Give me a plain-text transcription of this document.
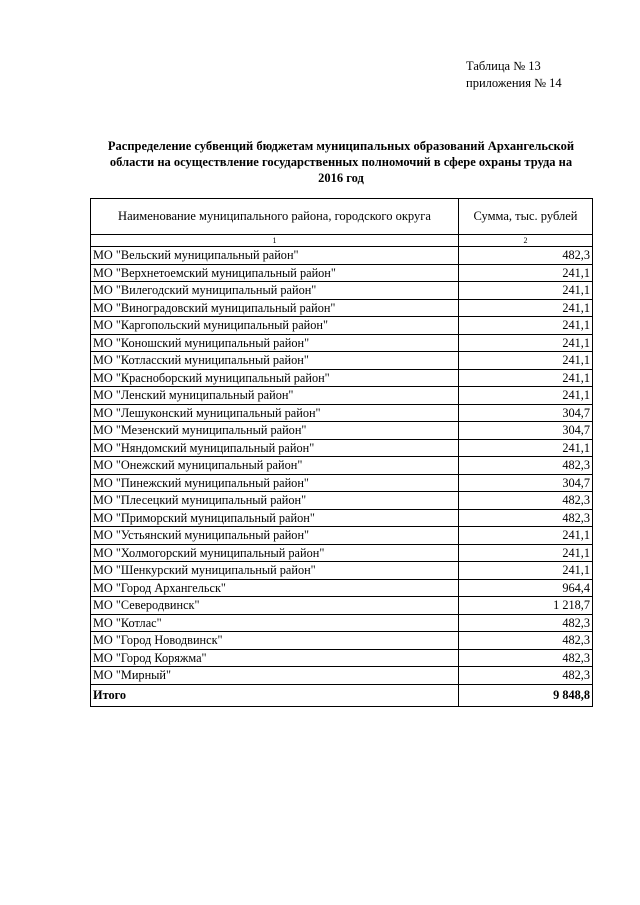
Таблица № 13
приложения № 14
Распределение субвенций бюджетам муниципальных образований Архангельской
области на осуществление государственных полномочий в сфере охраны труда на
2016 год
Наименование муниципального района, городского округа	Сумма, тыс. рублей
1	2
МО "Вельский муниципальный район"	482,3
МО "Верхнетоемский муниципальный район"	241,1
МО "Вилегодский муниципальный район"	241,1
МО "Виноградовский муниципальный район"	241,1
МО "Каргопольский муниципальный район"	241,1
МО "Коношский муниципальный район"	241,1
МО "Котласский муниципальный район"	241,1
МО "Красноборский муниципальный район"	241,1
МО "Ленский муниципальный район"	241,1
МО "Лешуконский муниципальный район"	304,7
МО "Мезенский муниципальный район"	304,7
МО "Няндомский муниципальный район"	241,1
МО "Онежский муниципальный район"	482,3
МО "Пинежский муниципальный район"	304,7
МО "Плесецкий муниципальный район"	482,3
МО "Приморский муниципальный район"	482,3
МО "Устьянский муниципальный район"	241,1
МО "Холмогорский муниципальный район"	241,1
МО "Шенкурский муниципальный район"	241,1
МО "Город Архангельск"	964,4
МО "Северодвинск"	1 218,7
МО "Котлас"	482,3
МО "Город Новодвинск"	482,3
МО "Город Коряжма"	482,3
МО "Мирный"	482,3
Итого	9 848,8
